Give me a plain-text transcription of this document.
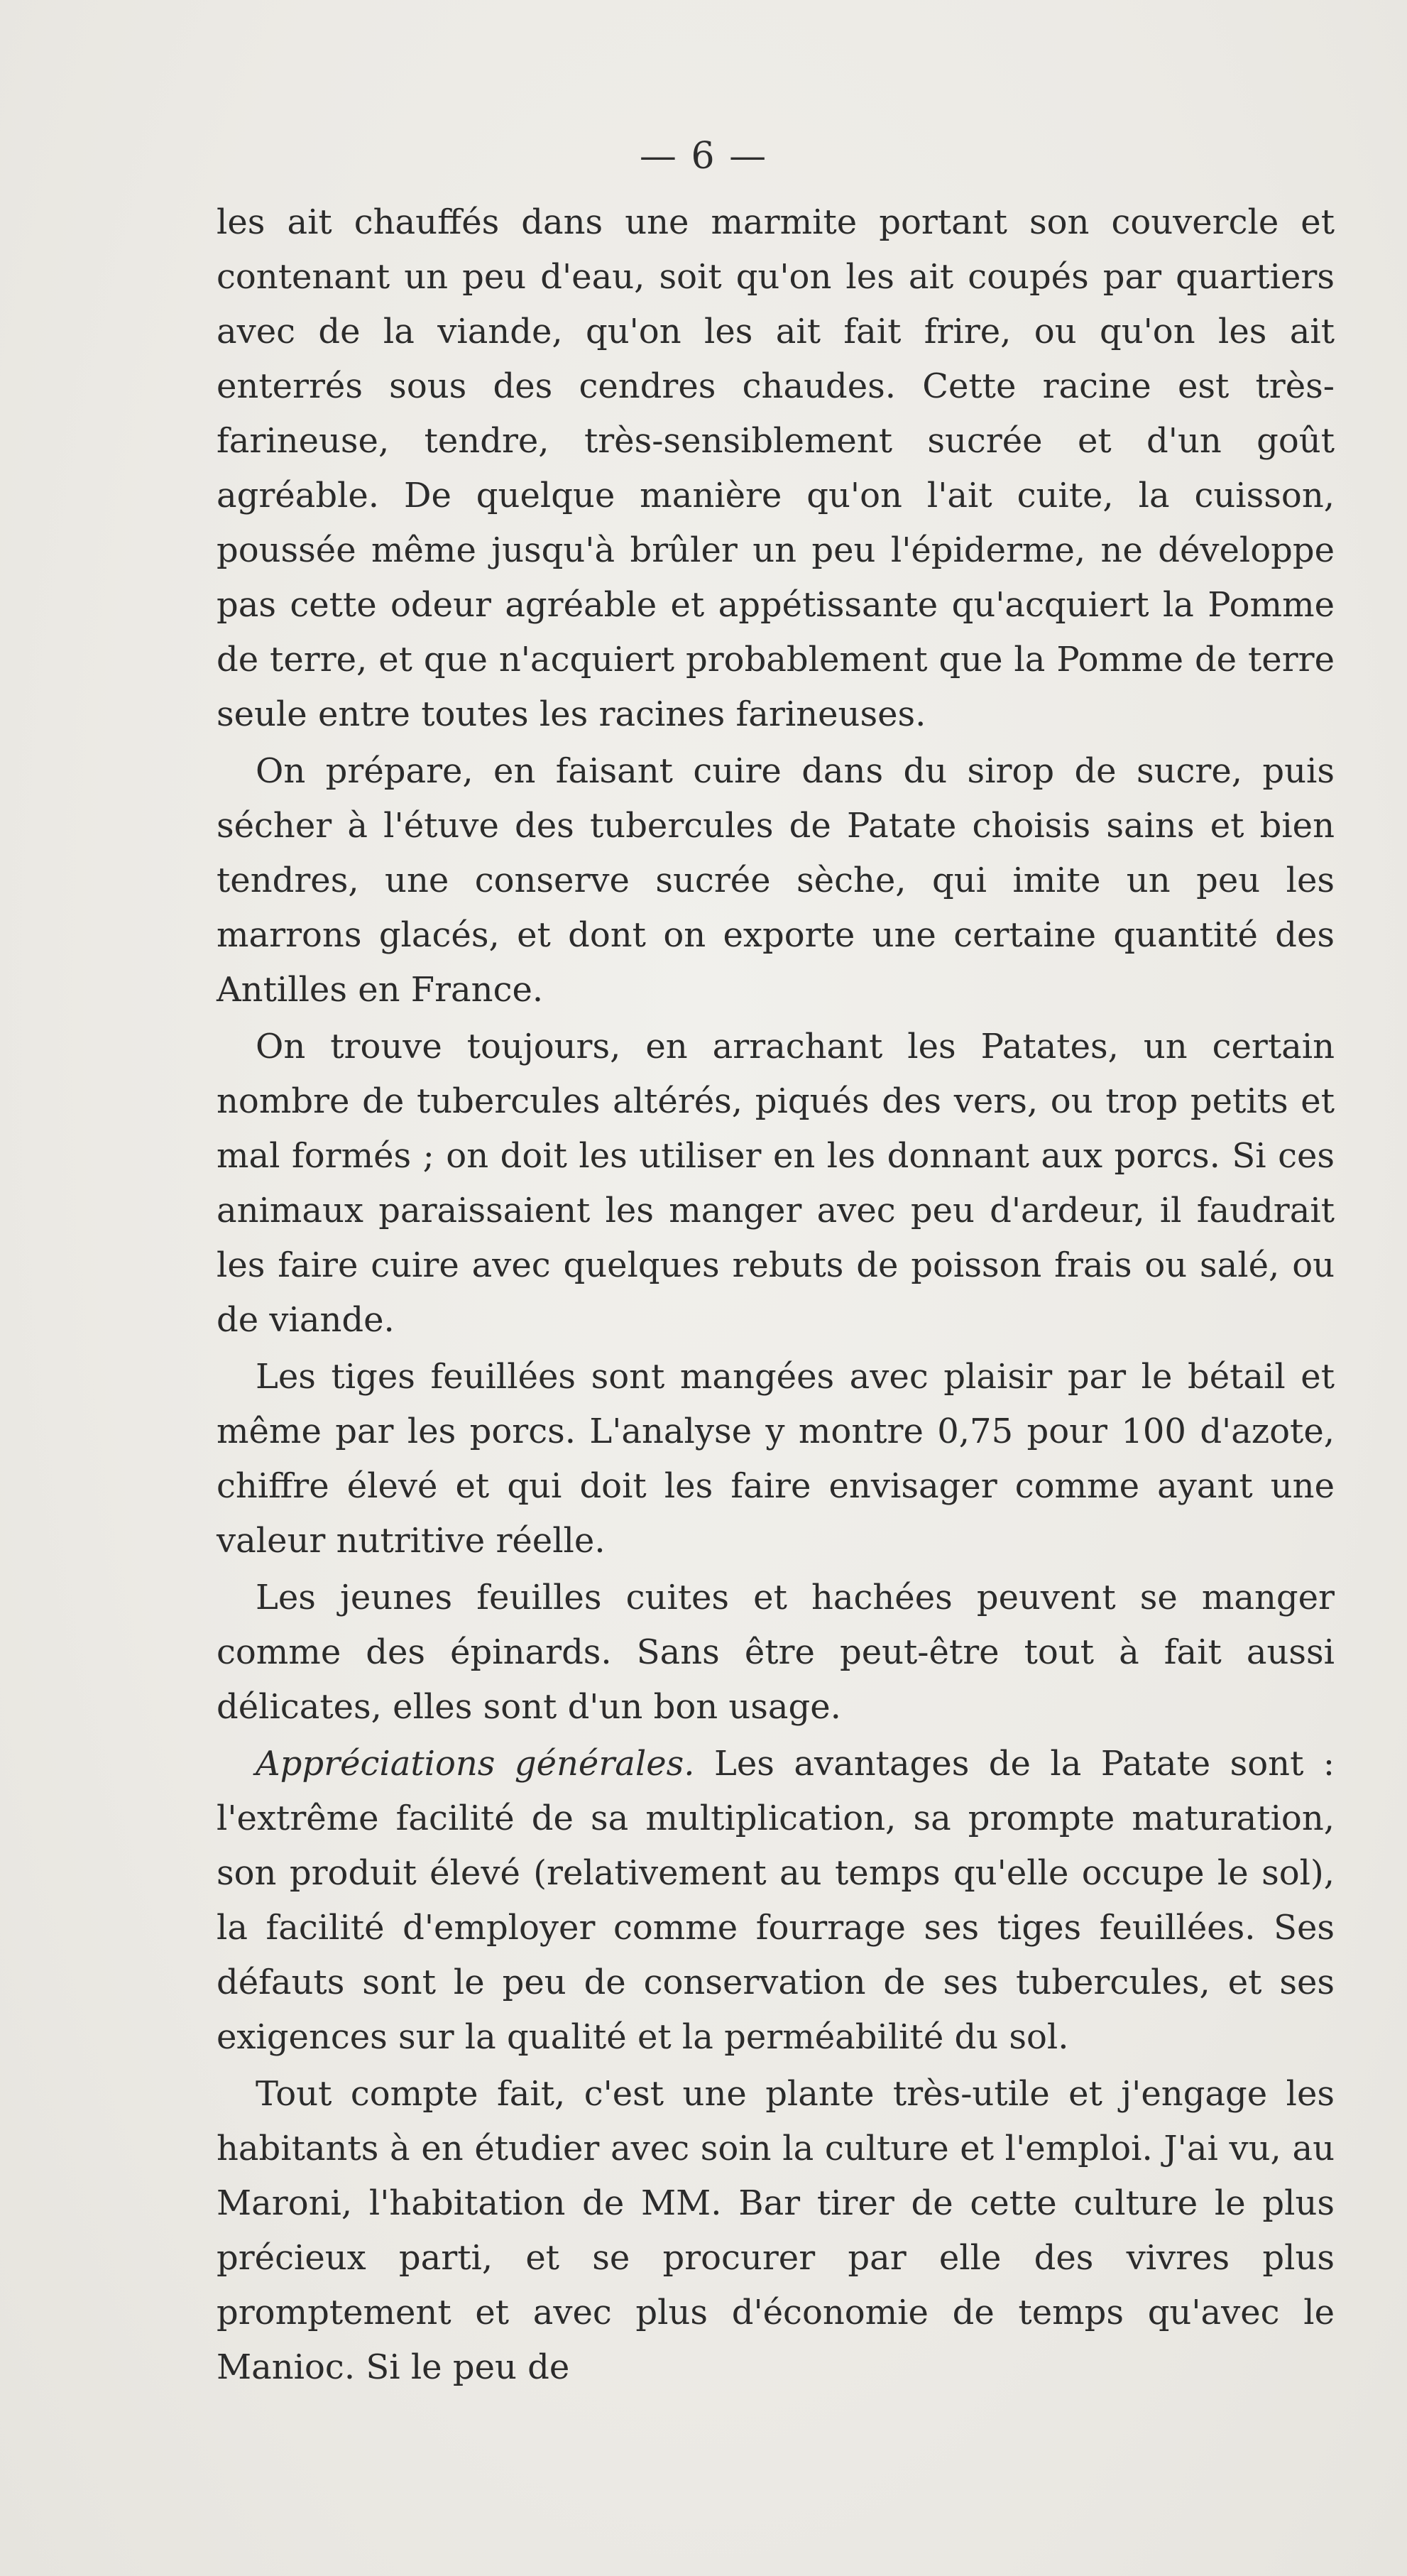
— 6 —

les ait chauffés dans une marmite portant son couvercle et contenant un peu d'eau, soit qu'on les ait coupés par quartiers avec de la viande, qu'on les ait fait frire, ou qu'on les ait enterrés sous des cendres chaudes. Cette racine est très-farineuse, tendre, très-sensiblement sucrée et d'un goût agréable. De quelque manière qu'on l'ait cuite, la cuisson, poussée même jusqu'à brûler un peu l'épiderme, ne développe pas cette odeur agréable et appétissante qu'acquiert la Pomme de terre, et que n'acquiert probablement que la Pomme de terre seule entre toutes les racines farineuses.

On prépare, en faisant cuire dans du sirop de sucre, puis sécher à l'étuve des tubercules de Patate choisis sains et bien tendres, une conserve sucrée sèche, qui imite un peu les marrons glacés, et dont on exporte une certaine quantité des Antilles en France.

On trouve toujours, en arrachant les Patates, un certain nombre de tubercules altérés, piqués des vers, ou trop petits et mal formés ; on doit les utiliser en les donnant aux porcs. Si ces animaux paraissaient les manger avec peu d'ardeur, il faudrait les faire cuire avec quelques rebuts de poisson frais ou salé, ou de viande.

Les tiges feuillées sont mangées avec plaisir par le bétail et même par les porcs. L'analyse y montre 0,75 pour 100 d'azote, chiffre élevé et qui doit les faire envisager comme ayant une valeur nutritive réelle.

Les jeunes feuilles cuites et hachées peuvent se manger comme des épinards. Sans être peut-être tout à fait aussi délicates, elles sont d'un bon usage.

Appréciations générales. Les avantages de la Patate sont : l'extrême facilité de sa multiplication, sa prompte maturation, son produit élevé (relativement au temps qu'elle occupe le sol), la facilité d'employer comme fourrage ses tiges feuillées. Ses défauts sont le peu de conservation de ses tubercules, et ses exigences sur la qualité et la perméabilité du sol.

Tout compte fait, c'est une plante très-utile et j'engage les habitants à en étudier avec soin la culture et l'emploi. J'ai vu, au Maroni, l'habitation de MM. Bar tirer de cette culture le plus précieux parti, et se procurer par elle des vivres plus promptement et avec plus d'économie de temps qu'avec le Manioc. Si le peu de
